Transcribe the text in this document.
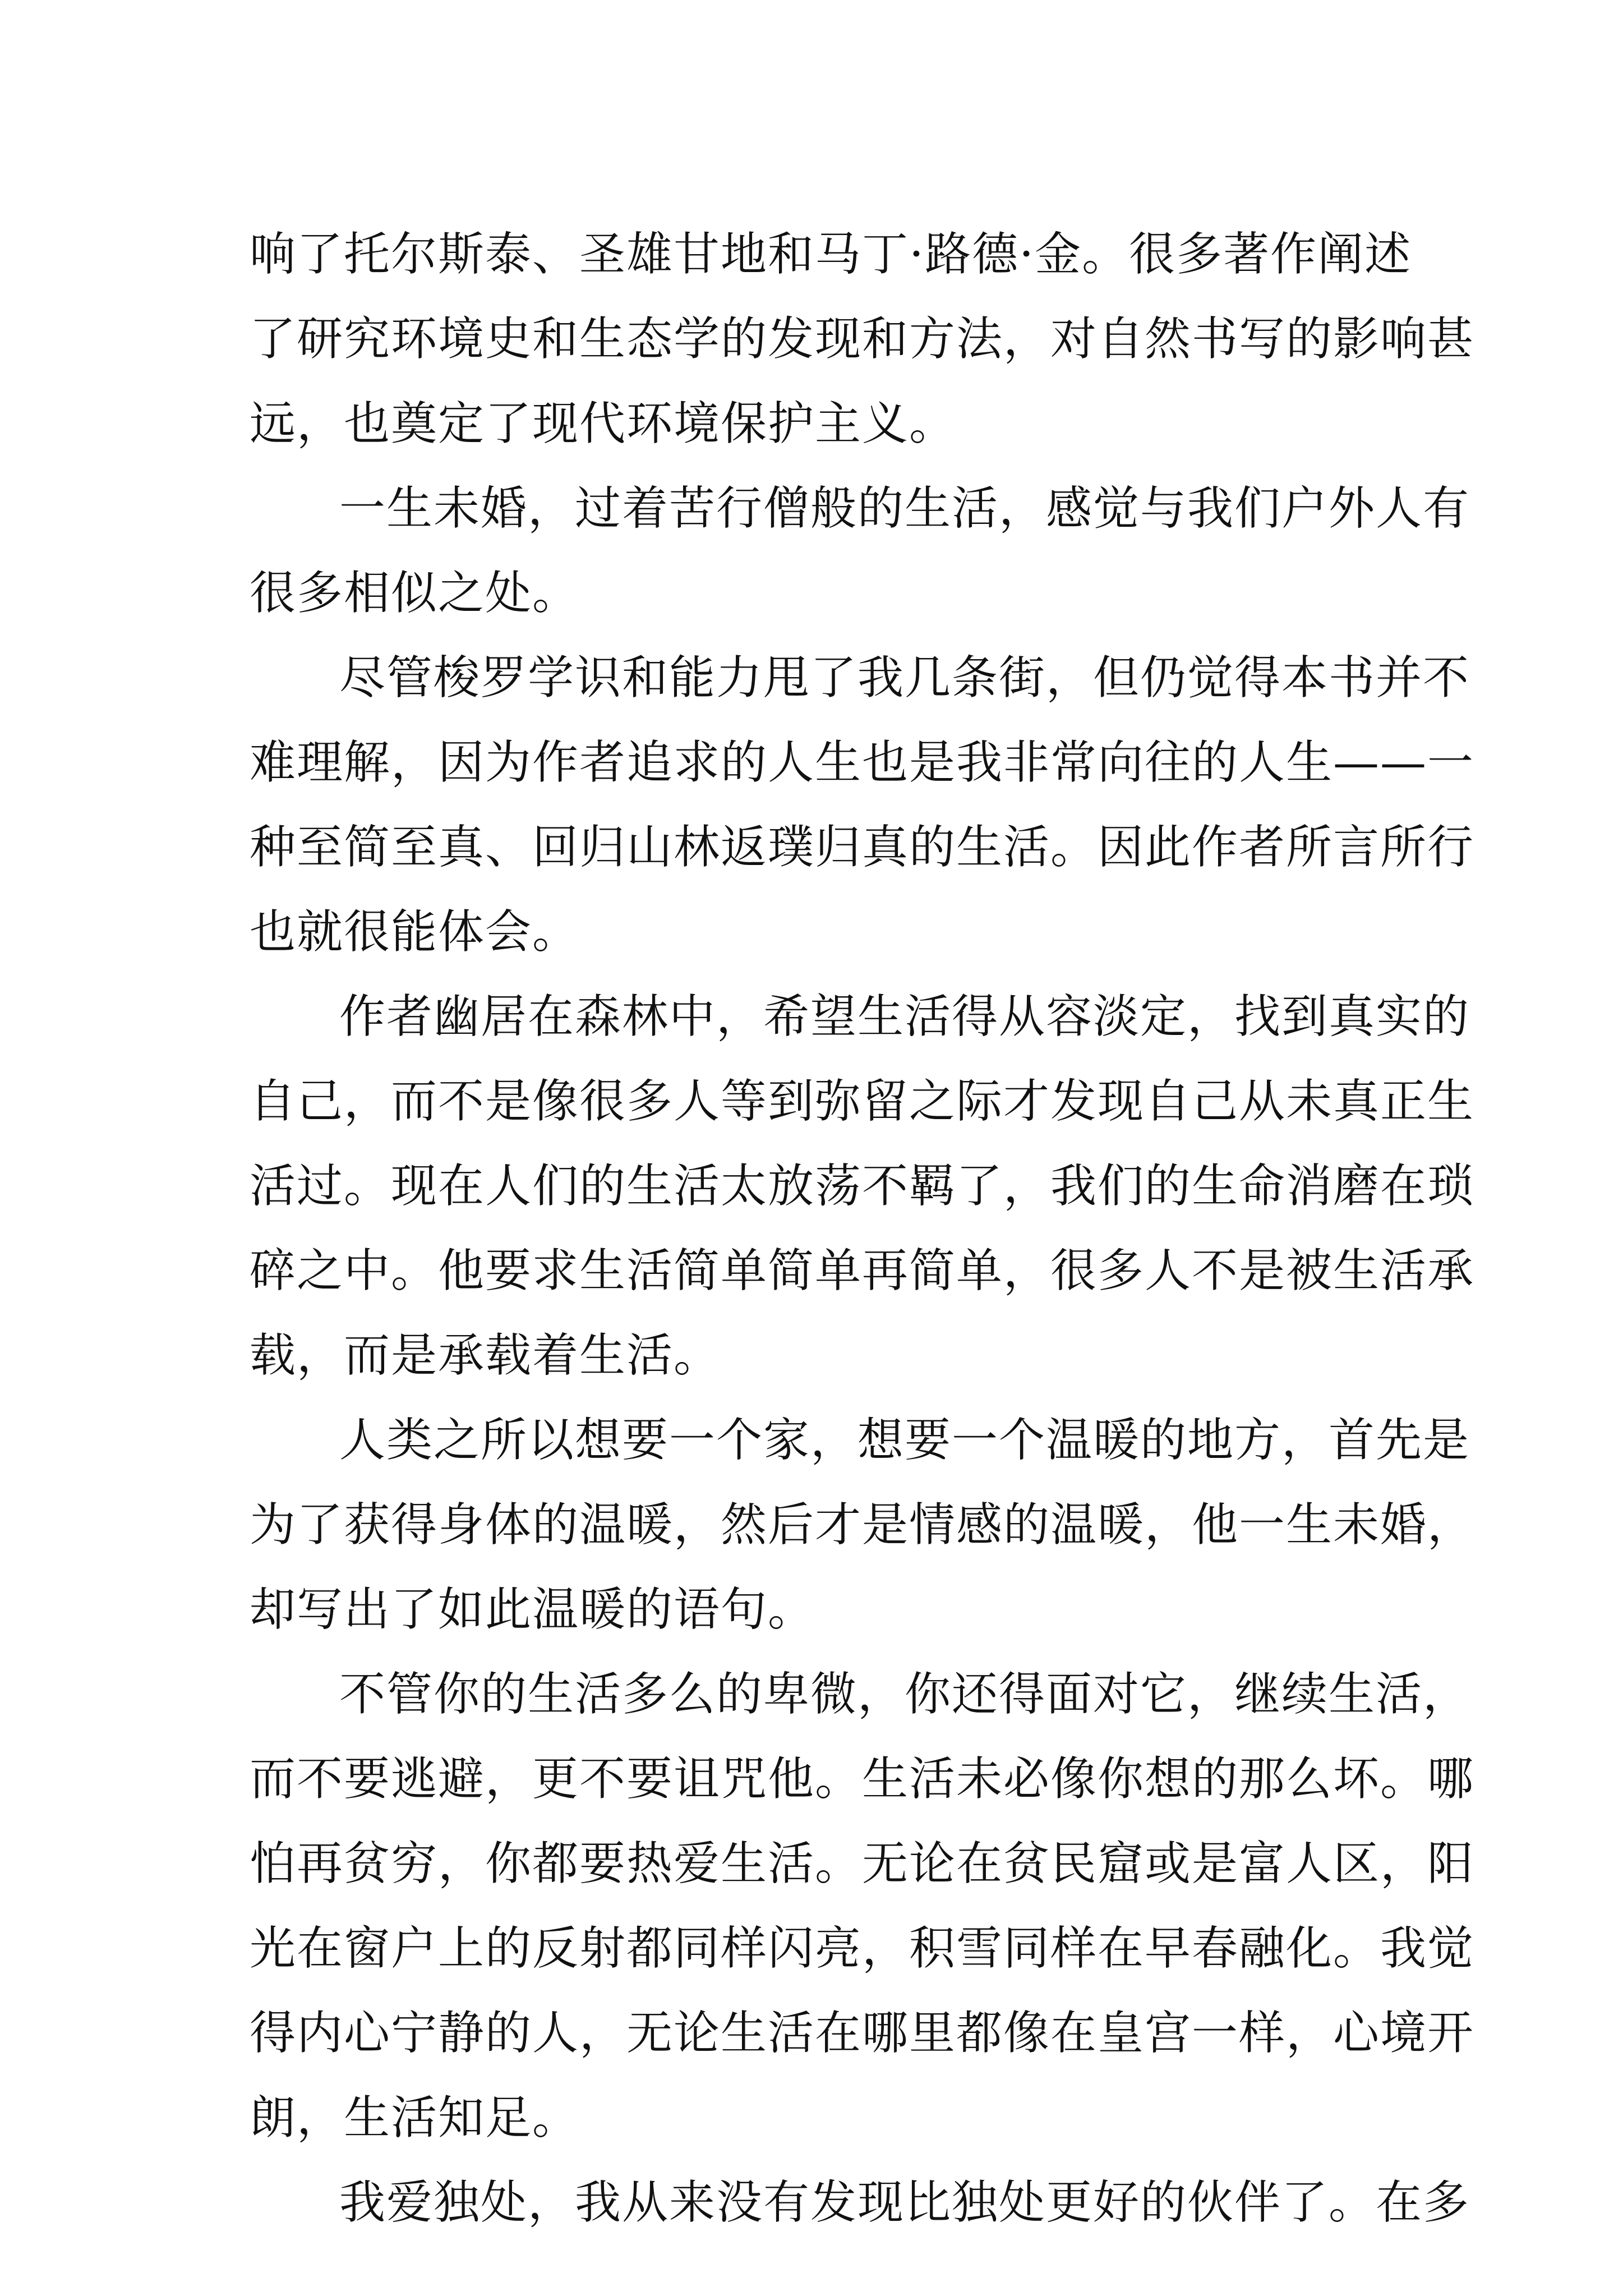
响了托尔斯泰、圣雄甘地和马丁·路德·金。很多著作阐述
了研究环境史和生态学的发现和方法，对自然书写的影响甚
远，也奠定了现代环境保护主义。
一生未婚，过着苦行僧般的生活，感觉与我们户外人有
很多相似之处。
尽管梭罗学识和能力甩了我几条街，但仍觉得本书并不
难理解，因为作者追求的人生也是我非常向往的人生——一
种至简至真、回归山林返璞归真的生活。因此作者所言所行
也就很能体会。
作者幽居在森林中，希望生活得从容淡定，找到真实的
自己，而不是像很多人等到弥留之际才发现自己从未真正生
活过。现在人们的生活太放荡不羁了，我们的生命消磨在琐
碎之中。他要求生活简单简单再简单，很多人不是被生活承
载，而是承载着生活。
人类之所以想要一个家，想要一个温暖的地方，首先是
为了获得身体的温暖，然后才是情感的温暖，他一生未婚，
却写出了如此温暖的语句。
不管你的生活多么的卑微，你还得面对它，继续生活，
而不要逃避，更不要诅咒他。生活未必像你想的那么坏。哪
怕再贫穷，你都要热爱生活。无论在贫民窟或是富人区，阳
光在窗户上的反射都同样闪亮，积雪同样在早春融化。我觉
得内心宁静的人，无论生活在哪里都像在皇宫一样，心境开
朗，生活知足。
我爱独处，我从来没有发现比独处更好的伙伴了。在多
